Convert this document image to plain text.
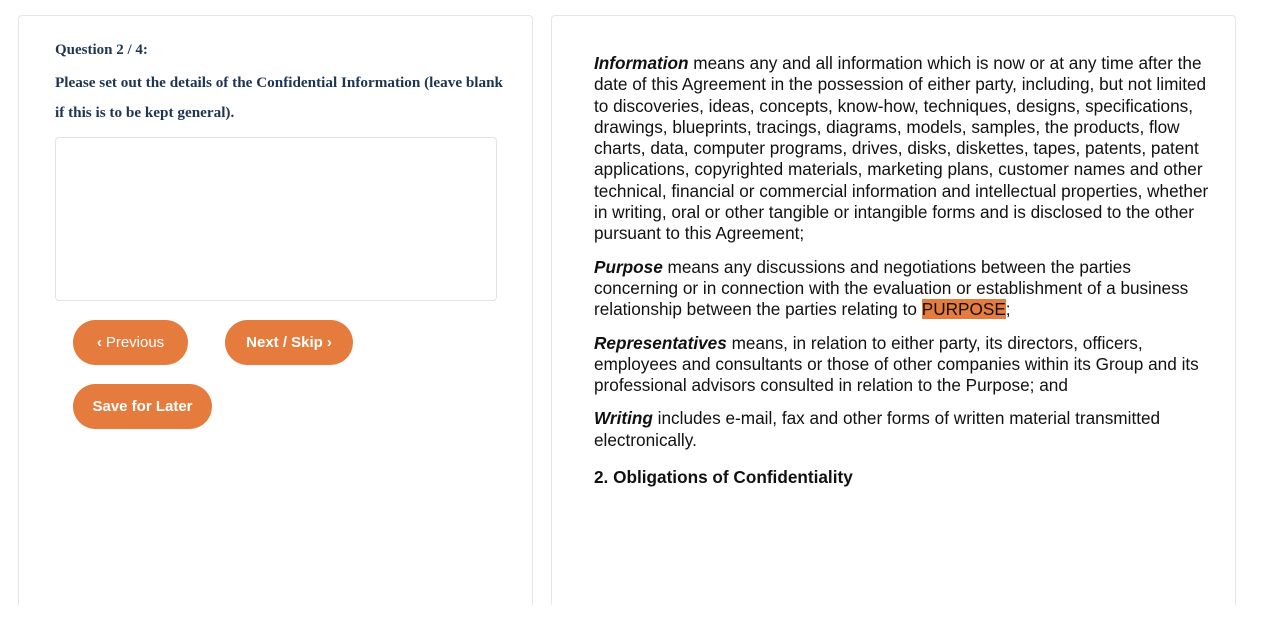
Question 2 / 4:
Please set out the details of the Confidential Information (leave blank if this is to be kept general).
‹ Previous	Next / Skip ›
Save for Later

Information means any and all information which is now or at any time after the date of this Agreement in the possession of either party, including, but not limited to discoveries, ideas, concepts, know-how, techniques, designs, specifications, drawings, blueprints, tracings, diagrams, models, samples, the products, flow charts, data, computer programs, drives, disks, diskettes, tapes, patents, patent applications, copyrighted materials, marketing plans, customer names and other technical, financial or commercial information and intellectual properties, whether in writing, oral or other tangible or intangible forms and is disclosed to the other pursuant to this Agreement;

Purpose means any discussions and negotiations between the parties concerning or in connection with the evaluation or establishment of a business relationship between the parties relating to PURPOSE;

Representatives means, in relation to either party, its directors, officers, employees and consultants or those of other companies within its Group and its professional advisors consulted in relation to the Purpose; and

Writing includes e-mail, fax and other forms of written material transmitted electronically.

2. Obligations of Confidentiality
